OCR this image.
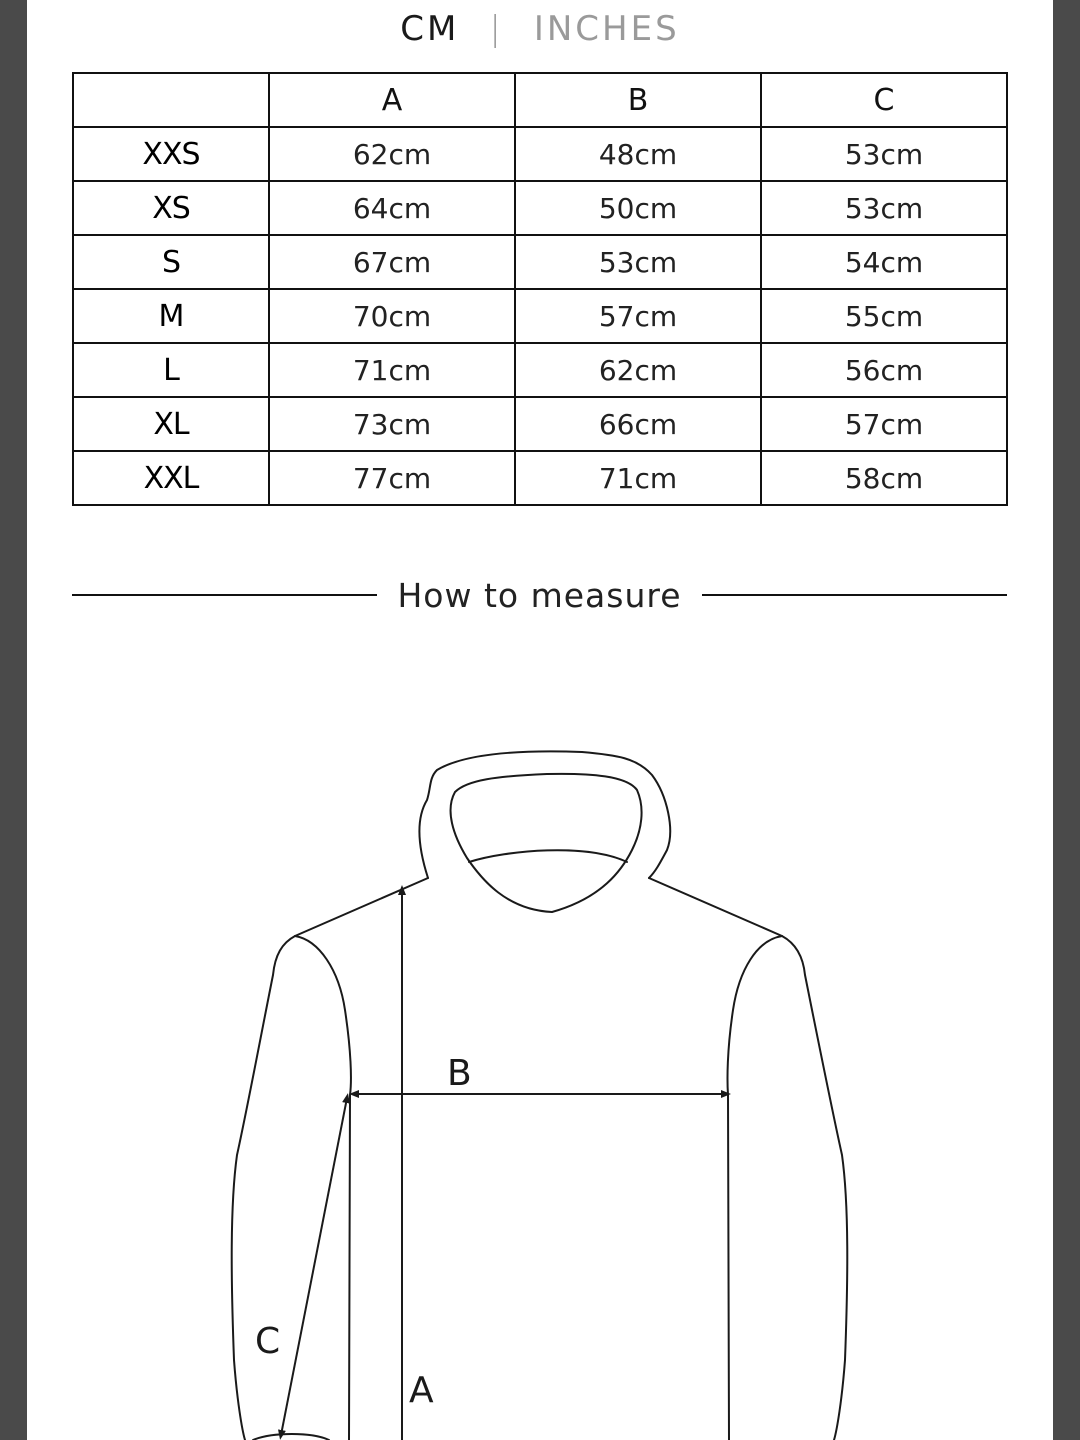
CM | INCHES
	A	B	C
XXS	62cm	48cm	53cm
XS	64cm	50cm	53cm
S	67cm	53cm	54cm
M	70cm	57cm	55cm
L	71cm	62cm	56cm
XL	73cm	66cm	57cm
XXL	77cm	71cm	58cm
How to measure
B
C
A
